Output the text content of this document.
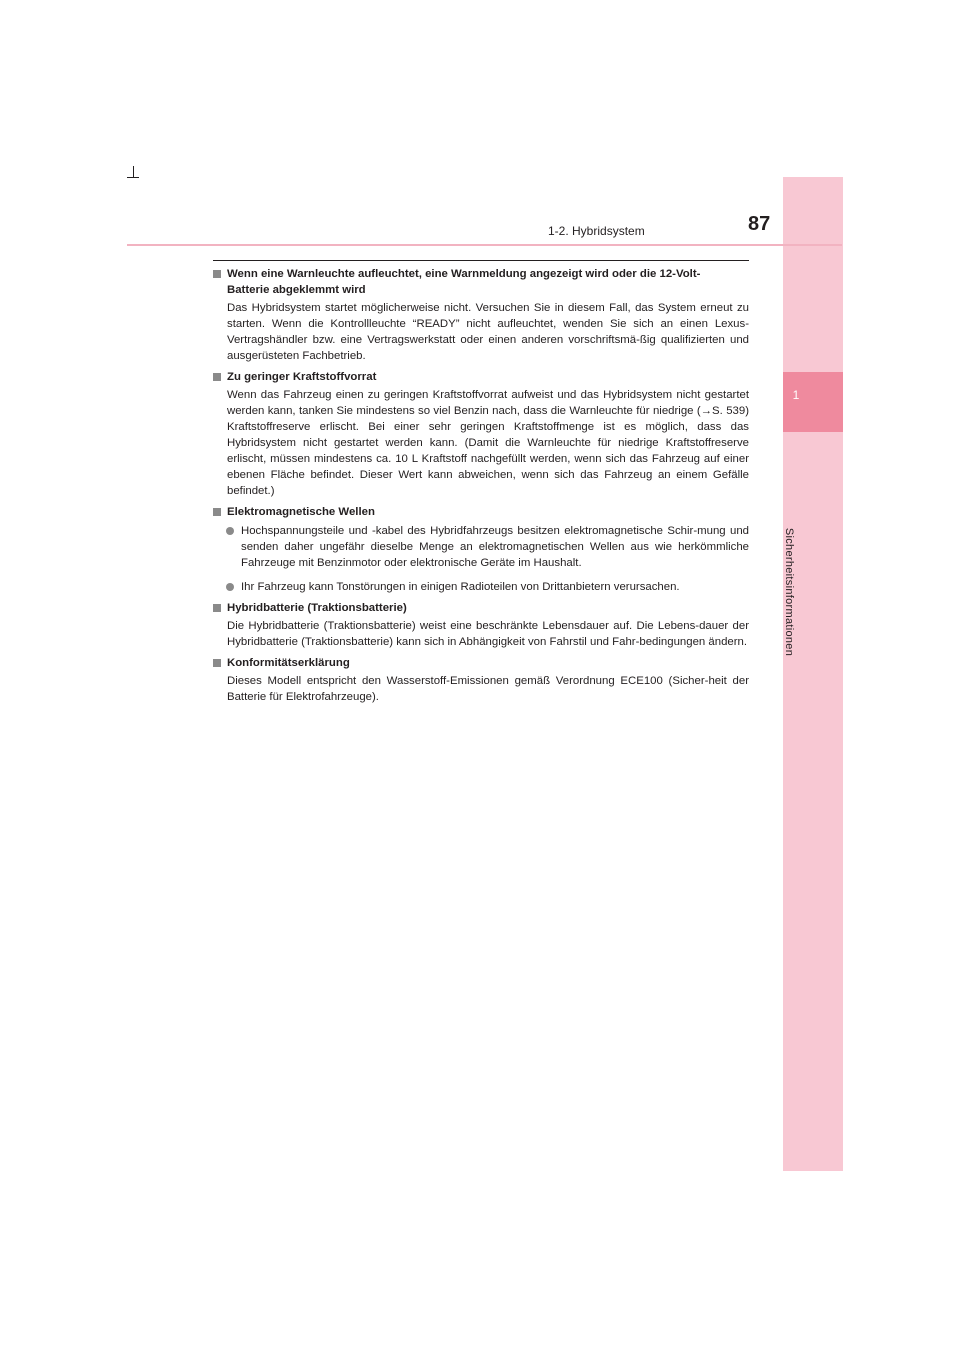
1
Sicherheitsinformationen
1-2. Hybridsystem	87
Wenn eine Warnleuchte aufleuchtet, eine Warnmeldung angezeigt wird oder die 12-Volt-
Batterie abgeklemmt wird
Das Hybridsystem startet möglicherweise nicht. Versuchen Sie in diesem Fall, das System erneut zu starten. Wenn die Kontrollleuchte “READY” nicht aufleuchtet, wenden Sie sich an einen Lexus-Vertragshändler bzw. eine Vertragswerkstatt oder einen anderen vorschriftsmä-ßig qualifizierten und ausgerüsteten Fachbetrieb.
Zu geringer Kraftstoffvorrat
Wenn das Fahrzeug einen zu geringen Kraftstoffvorrat aufweist und das Hybridsystem nicht gestartet werden kann, tanken Sie mindestens so viel Benzin nach, dass die Warnleuchte für niedrige (→S. 539) Kraftstoffreserve erlischt. Bei einer sehr geringen Kraftstoffmenge ist es möglich, dass das Hybridsystem nicht gestartet werden kann. (Damit die Warnleuchte für niedrige Kraftstoffreserve erlischt, müssen mindestens ca. 10 L Kraftstoff nachgefüllt werden, wenn sich das Fahrzeug auf einer ebenen Fläche befindet. Dieser Wert kann abweichen, wenn sich das Fahrzeug an einem Gefälle befindet.)
Elektromagnetische Wellen
Hochspannungsteile und -kabel des Hybridfahrzeugs besitzen elektromagnetische Schir-mung und senden daher ungefähr dieselbe Menge an elektromagnetischen Wellen aus wie herkömmliche Fahrzeuge mit Benzinmotor oder elektronische Geräte im Haushalt.
Ihr Fahrzeug kann Tonstörungen in einigen Radioteilen von Drittanbietern verursachen.
Hybridbatterie (Traktionsbatterie)
Die Hybridbatterie (Traktionsbatterie) weist eine beschränkte Lebensdauer auf. Die Lebens-dauer der Hybridbatterie (Traktionsbatterie) kann sich in Abhängigkeit von Fahrstil und Fahr-bedingungen ändern.
Konformitätserklärung
Dieses Modell entspricht den Wasserstoff-Emissionen gemäß Verordnung ECE100 (Sicher-heit der Batterie für Elektrofahrzeuge).
